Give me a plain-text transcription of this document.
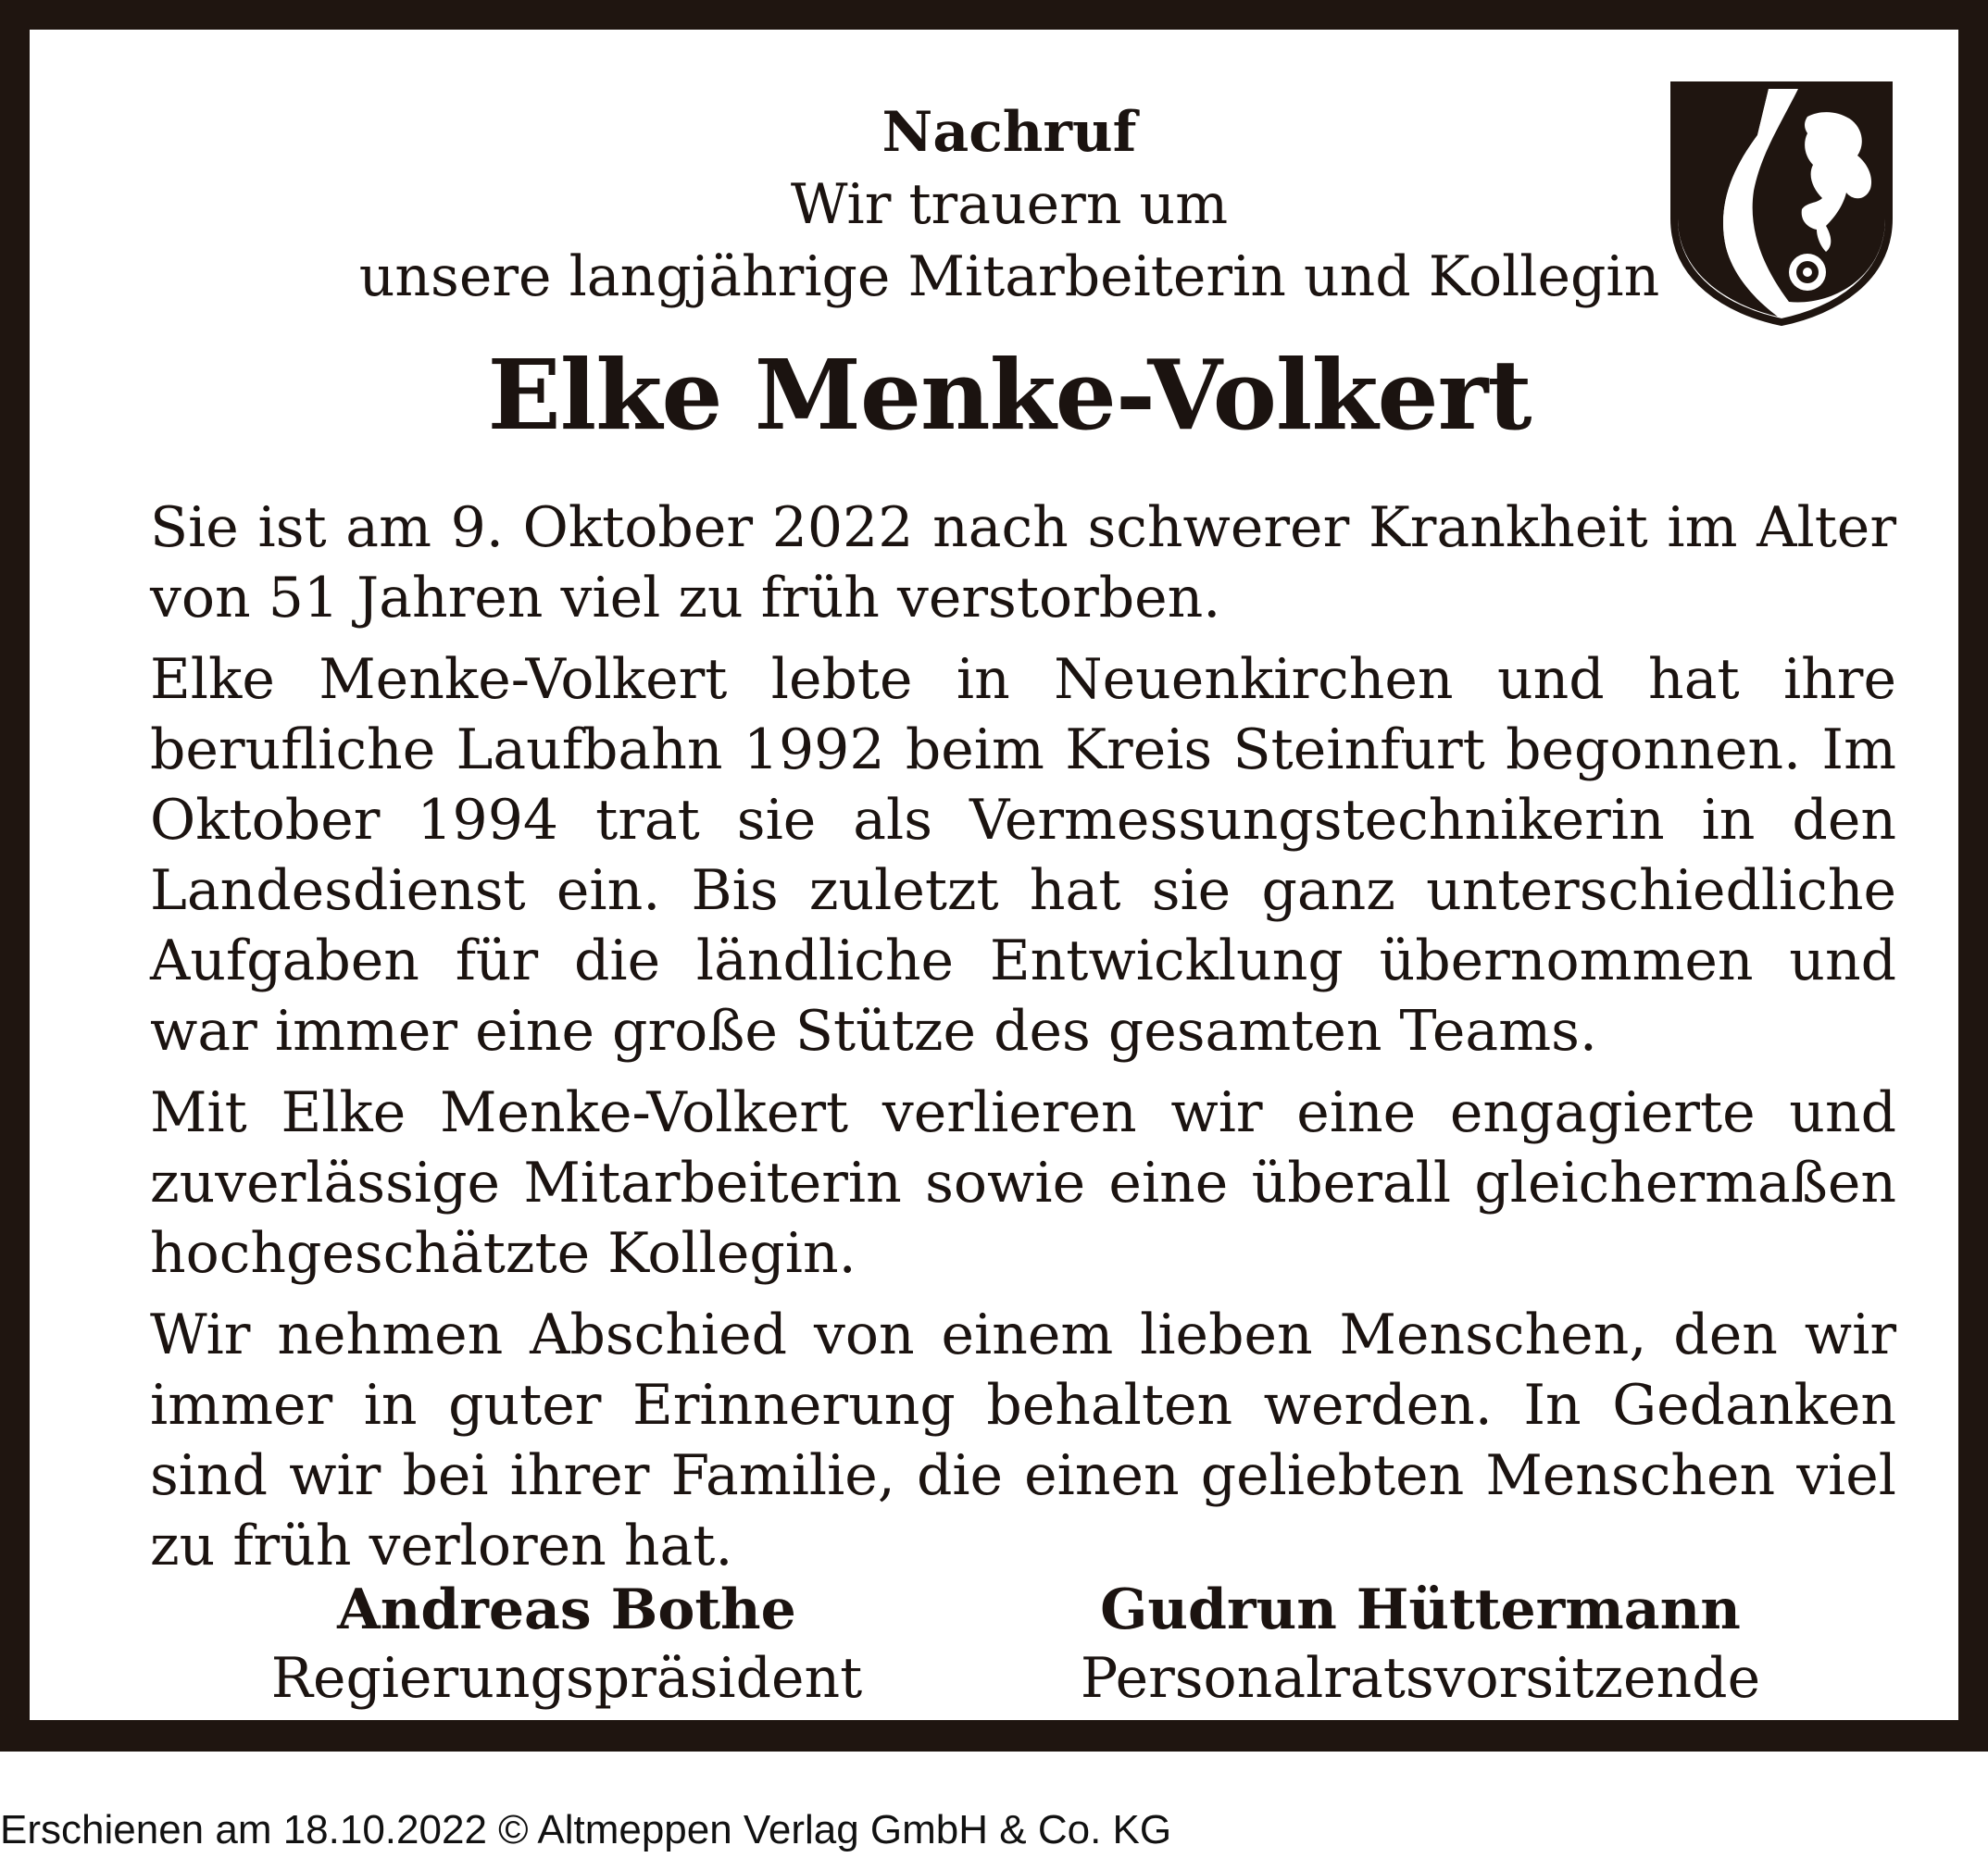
Nachruf
Wir trauern um
unsere langjährige Mitarbeiterin und Kollegin
Elke Menke-Volkert

Sie ist am 9. Oktober 2022 nach schwerer Krankheit im Alter von 51 Jahren viel zu früh verstorben.

Elke Menke-Volkert lebte in Neuenkirchen und hat ihre berufliche Laufbahn 1992 beim Kreis Steinfurt begonnen. Im Oktober 1994 trat sie als Vermessungstechnikerin in den Landesdienst ein. Bis zuletzt hat sie ganz unterschiedliche Aufgaben für die ländliche Entwicklung übernommen und war immer eine große Stütze des gesamten Teams.

Mit Elke Menke-Volkert verlieren wir eine engagierte und zuverlässige Mitarbeiterin sowie eine überall gleichermaßen hochgeschätzte Kollegin.

Wir nehmen Abschied von einem lieben Menschen, den wir immer in guter Erinnerung behalten werden. In Gedanken sind wir bei ihrer Familie, die einen geliebten Menschen viel zu früh verloren hat.

Andreas Bothe
Regierungspräsident
Gudrun Hüttermann
Personalratsvorsitzende
Erschienen am 18.10.2022 © Altmeppen Verlag GmbH & Co. KG
